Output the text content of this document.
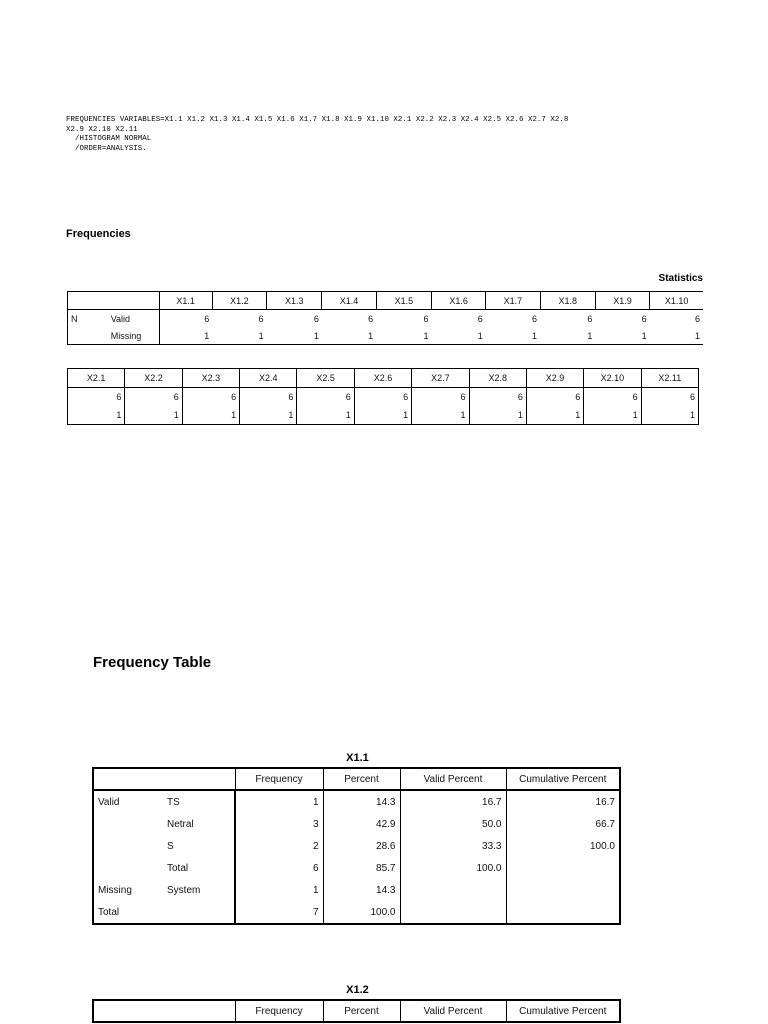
FREQUENCIES VARIABLES=X1.1 X1.2 X1.3 X1.4 X1.5 X1.6 X1.7 X1.8 X1.9 X1.10 X2.1 X2.2 X2.3 X2.4 X2.5 X2.6 X2.7 X2.8
X2.9 X2.10 X2.11
/HISTOGRAM NORMAL
/ORDER=ANALYSIS.
Frequencies
Statistics
		X1.1	X1.2	X1.3	X1.4	X1.5	X1.6	X1.7	X1.8	X1.9	X1.10
N	Valid	6	6	6	6	6	6	6	6	6	6
	Missing	1	1	1	1	1	1	1	1	1	1
X2.1	X2.2	X2.3	X2.4	X2.5	X2.6	X2.7	X2.8	X2.9	X2.10	X2.11
6	6	6	6	6	6	6	6	6	6	6
1	1	1	1	1	1	1	1	1	1	1
Frequency Table
X1.1
		Frequency	Percent	Valid Percent	Cumulative Percent
Valid	TS	1	14.3	16.7	16.7
	Netral	3	42.9	50.0	66.7
	S	2	28.6	33.3	100.0
	Total	6	85.7	100.0	
Missing	System	1	14.3		
Total		7	100.0		
X1.2
	Frequency	Percent	Valid Percent	Cumulative Percent
